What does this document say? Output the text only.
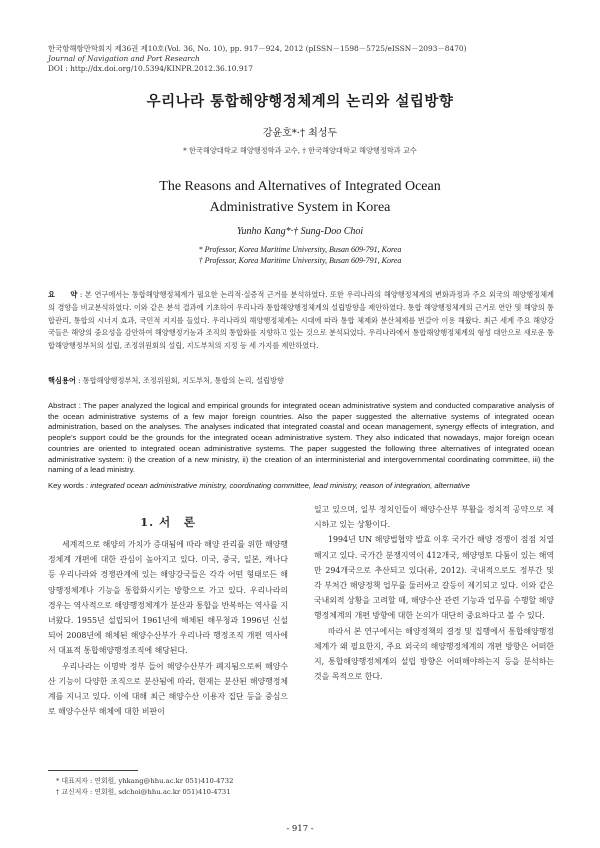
한국항해항만학회지 제36권 제10호(Vol. 36, No. 10), pp. 917－924, 2012 (pISSN－1598－5725/eISSN－2093－8470)
Journal of Navigation and Port Research
DOI : http://dx.doi.org/10.5394/KINPR.2012.36.10.917
우리나라 통합해양행정체계의 논리와 설립방향
강윤호*·† 최성두
* 한국해양대학교 해양행정학과 교수, † 한국해양대학교 해양행정학과 교수
The Reasons and Alternatives of Integrated Ocean
Administrative System in Korea
Yunho Kang*·† Sung-Doo Choi
* Professor, Korea Maritime University, Busan 609-791, Korea
† Professor, Korea Maritime University, Busan 609-791, Korea
요　　약 : 본 연구에서는 통합해양행정체계가 필요한 논리적·실증적 근거를 분석하였다. 또한 우리나라의 해양행정체계의 변화과정과 주요 외국의 해양행정체계의 경향을 비교분석하였다. 이와 같은 분석 결과에 기초하여 우리나라 통합해양행정체계의 설립방향을 제안하였다. 통합 해양행정체계의 근거로 연안 및 해양의 통합관리, 통합의 시너지 효과, 국민적 지지를 들었다. 우리나라의 해양행정체계는 시대에 따라 통합 체제와 분산체제를 번갈아 이용 해왔다. 최근 세계 주요 해양강국들은 해양의 중요성을 감안하여 해양행정기능과 조직의 통합화를 지향하고 있는 것으로 분석되었다. 우리나라에서 통합해양행정체계의 형성 대안으로 새로운 통합해양행정부처의 설립, 조정위원회의 설립, 지도부처의 지정 등 세 가지를 제안하였다.
핵심용어 : 통합해양행정부처, 조정위원회, 지도부처, 통합의 논리, 설립방향
Abstract : The paper analyzed the logical and empirical grounds for integrated ocean administrative system and conducted comparative analysis of the ocean administrative systems of a few major foreign countries. Also the paper suggested the alternative systems of integrated ocean administration, based on the analyses. The analyses indicated that integrated coastal and ocean management, synergy effects of integration, and people's support could be the grounds for the integrated ocean administrative system. They also indicated that nowadays, major foreign ocean countries are oriented to integrated ocean administrative systems. The paper suggested the following three alternatives of integrated ocean administrative system: i) the creation of a new ministry, ii) the creation of an interministerial and intergovernmental coordinating committee, iii) the naming of a lead ministry.
Key words : integrated ocean administrative ministry, coordinating committee, lead ministry, reason of integration, alternative
1. 서　론

세계적으로 해양의 가치가 증대됨에 따라 해양 관리를 위한 해양행정체계 개편에 대한 관심이 높아지고 있다. 미국, 중국, 일본, 캐나다 등 우리나라와 경쟁관계에 있는 해양강국들은 각각 어떤 형태로든 해양행정체계나 기능을 통합화시키는 방향으로 가고 있다. 우리나라의 경우는 역사적으로 해양행정체계가 분산과 통합을 반복하는 역사를 지녀왔다. 1955년 설립되어 1961년에 해체된 해무청과 1996년 신설되어 2008년에 해체된 해양수산부가 우리나라 행정조직 개편 역사에서 대표적 통합해양행정조직에 해당된다.

우리나라는 이명박 정부 들어 해양수산부가 폐지됨으로써 해양수산 기능이 다양한 조직으로 분산됨에 따라, 현재는 분산된 해양행정체계를 지니고 있다. 이에 대해 최근 해양수산 이용자 집단 등을 중심으로 해양수산부 해체에 대한 비판이

일고 있으며, 일부 정치인들이 해양수산부 부활을 정치적 공약으로 제시하고 있는 상황이다.

1994년 UN 해양법협약 발효 이후 국가간 해양 경쟁이 점점 치열해지고 있다. 국가간 분쟁지역이 412개국, 해양영토 다툼이 있는 해역만 294개국으로 추산되고 있다(류, 2012). 국내적으로도 정부간 및 각 부처간 해양정책 업무를 둘러싸고 갈등이 제기되고 있다. 이와 같은 국내외적 상황을 고려할 때, 해양수산 관련 기능과 업무를 수행할 해양행정체계의 개편 방향에 대한 논의가 대단히 중요하다고 볼 수 있다.

따라서 본 연구에서는 해양정책의 결정 및 집행에서 통합해양행정체계가 왜 필요한지, 주요 외국의 해양행정체계의 개편 방향은 어떠한지, 통합해양행정체계의 설립 방향은 어떠해야하는지 등을 분석하는 것을 목적으로 한다.

* 대표저자 : 연회원, yhkang@hhu.ac.kr 051)410-4732
† 교신저자 : 연회원, sdchoi@hhu.ac.kr 051)410-4731
- 917 -
